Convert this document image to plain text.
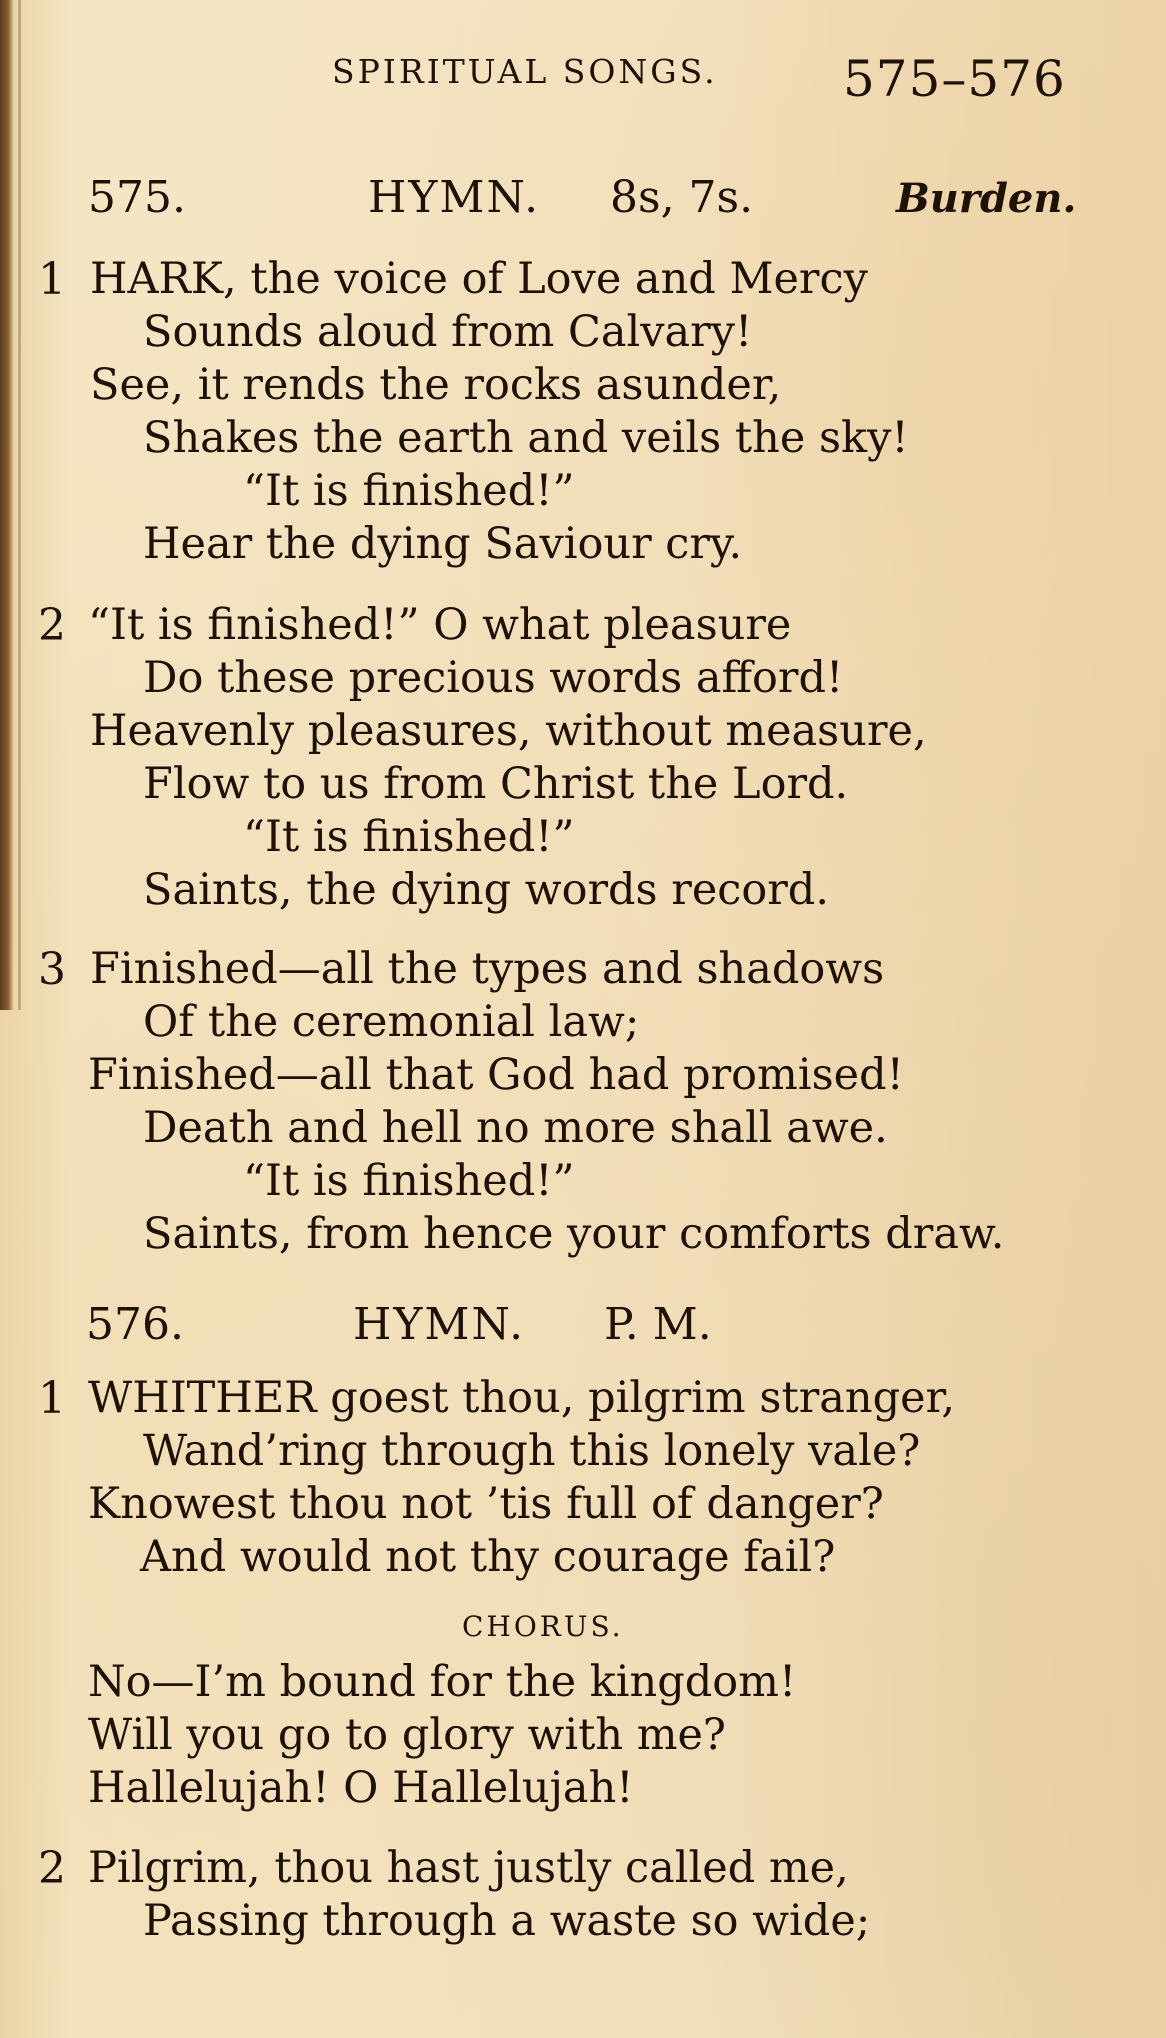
SPIRITUAL SONGS.	575–576
575.	HYMN. 8s, 7s.	Burden.
1 HARK, the voice of Love and Mercy
Sounds aloud from Calvary!
See, it rends the rocks asunder,
Shakes the earth and veils the sky!
“It is finished!”
Hear the dying Saviour cry.
2 “It is finished!” O what pleasure
Do these precious words afford!
Heavenly pleasures, without measure,
Flow to us from Christ the Lord.
“It is finished!”
Saints, the dying words record.
3 Finished—all the types and shadows
Of the ceremonial law;
Finished—all that God had promised!
Death and hell no more shall awe.
“It is finished!”
Saints, from hence your comforts draw.
576.	HYMN. P. M.
1 WHITHER goest thou, pilgrim stranger,
Wand’ring through this lonely vale?
Knowest thou not ’tis full of danger?
And would not thy courage fail?
CHORUS.
No—I’m bound for the kingdom!
Will you go to glory with me?
Hallelujah! O Hallelujah!
2 Pilgrim, thou hast justly called me,
Passing through a waste so wide;
